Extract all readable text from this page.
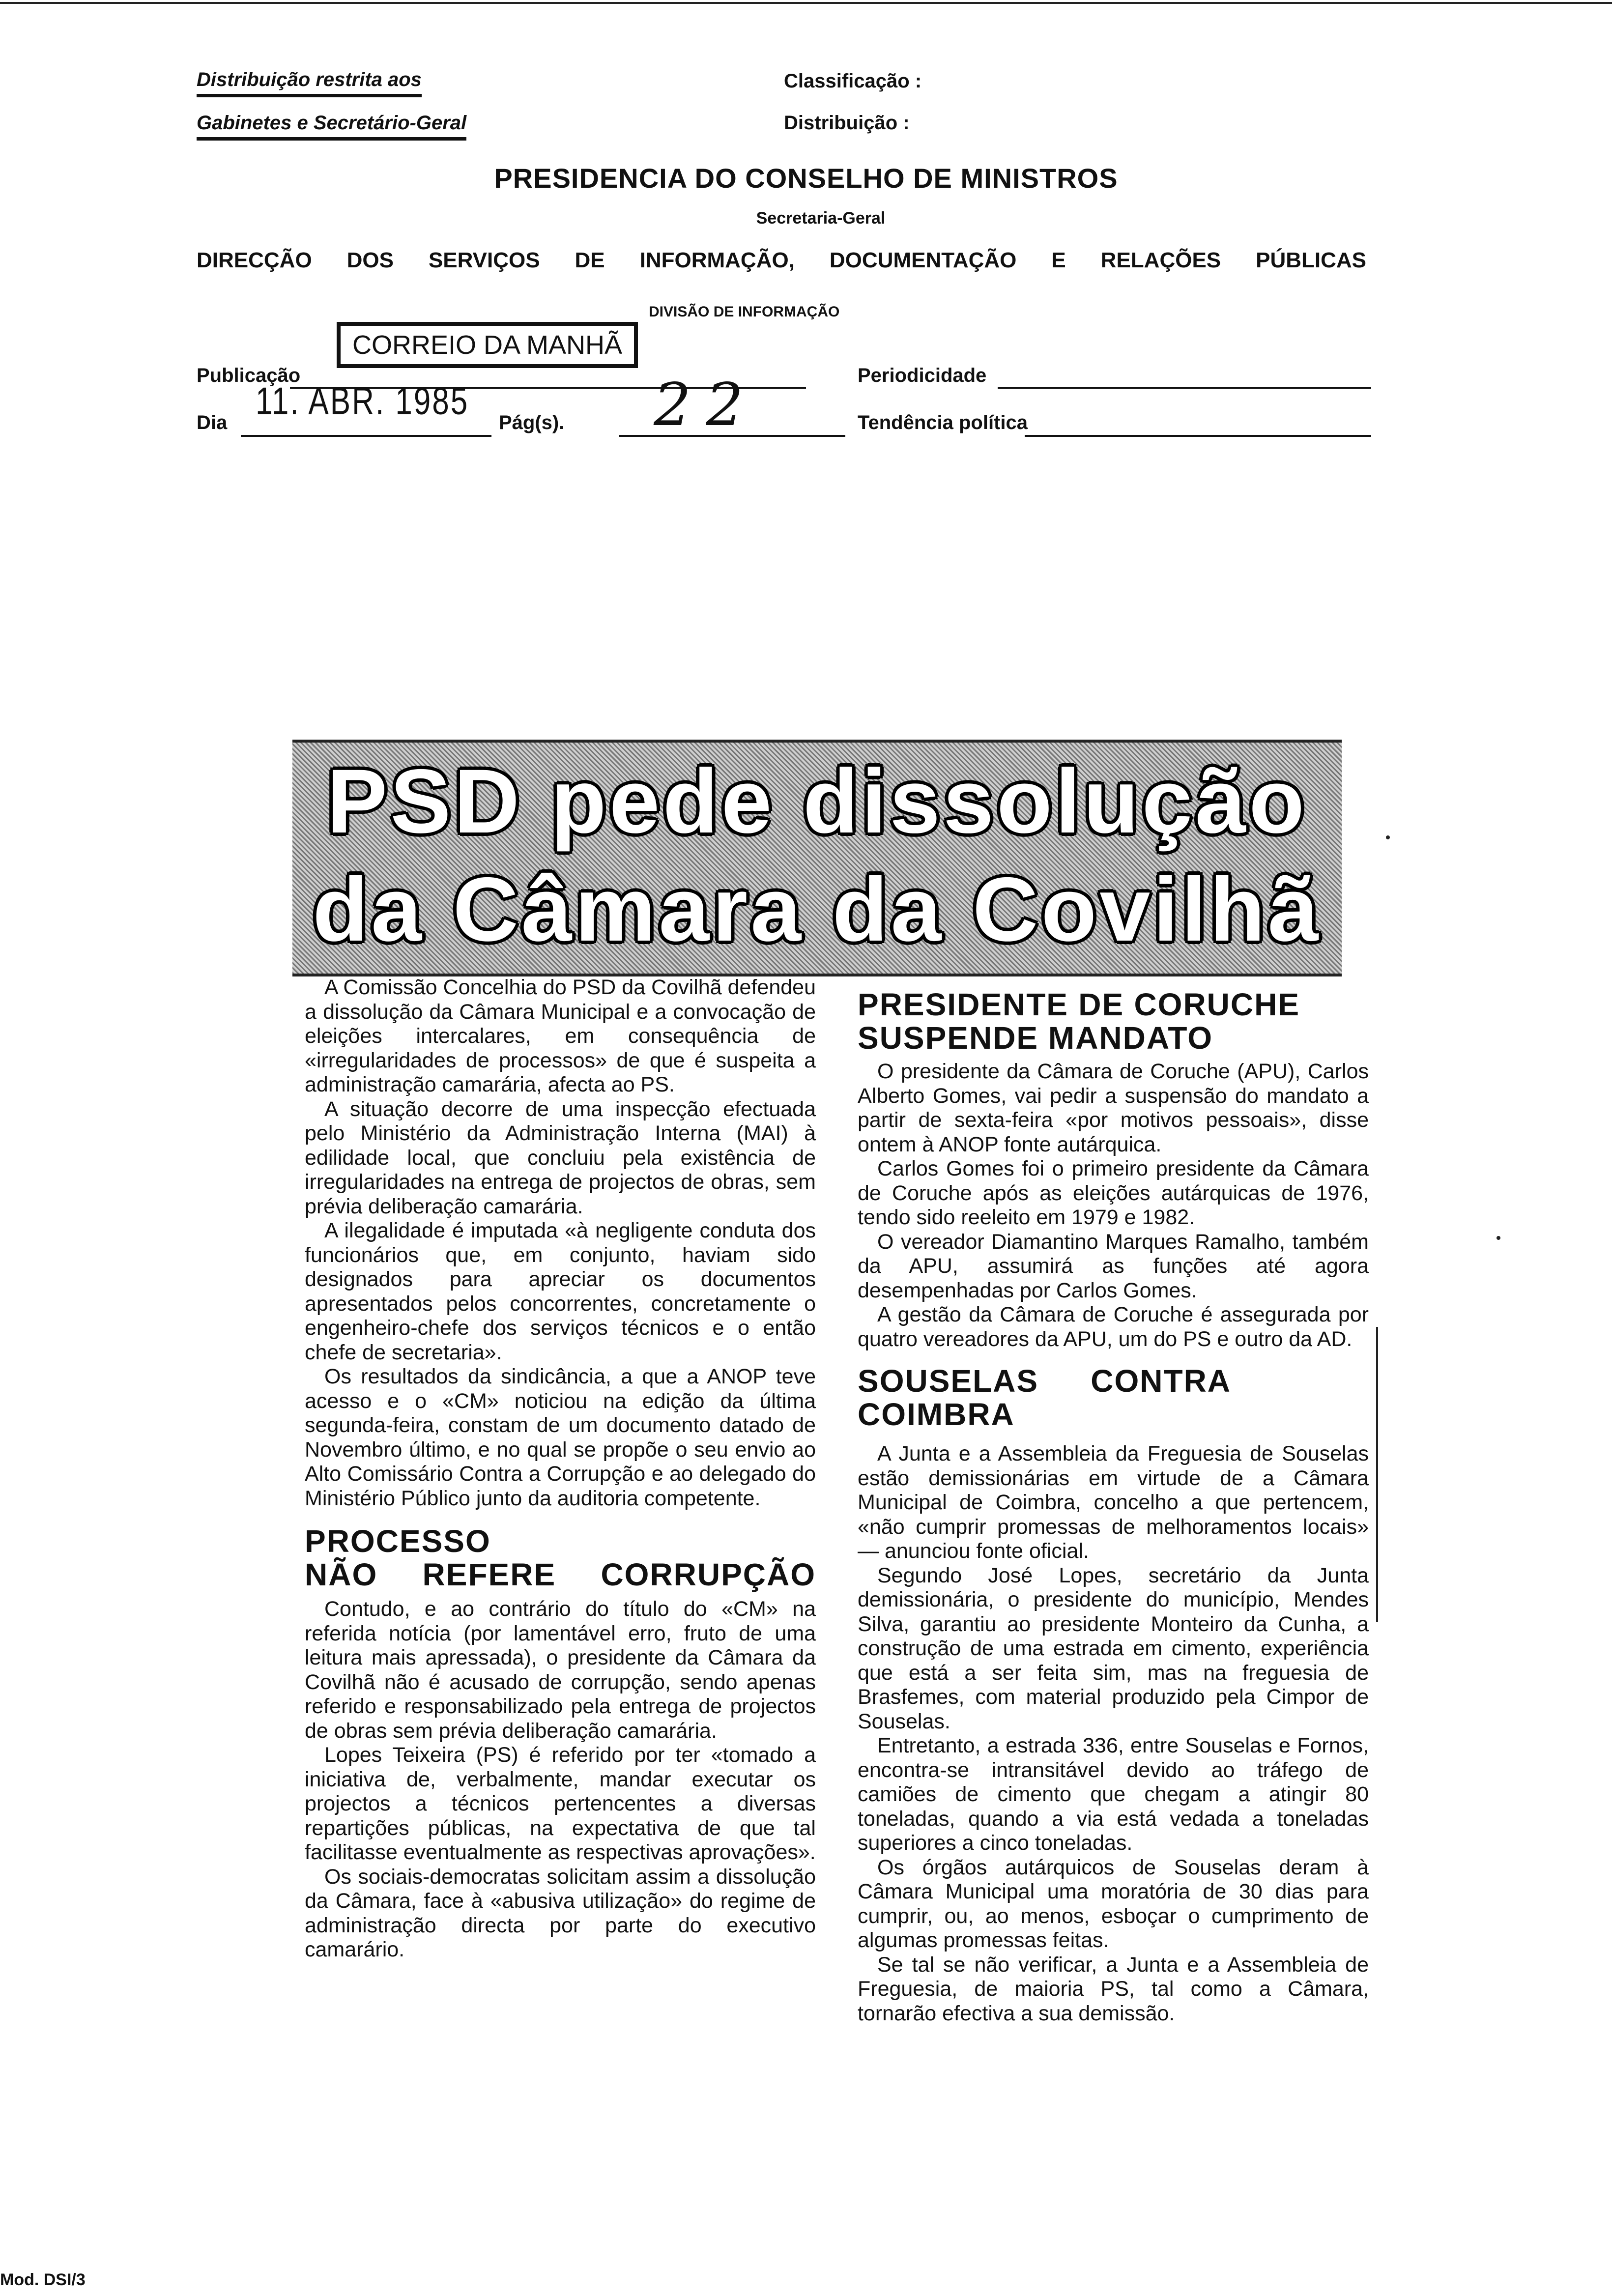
Distribuição restrita aos
Gabinetes e Secretário-Geral
Classificação :
Distribuição :
PRESIDENCIA DO CONSELHO DE MINISTROS
Secretaria-Geral
DIRECÇÃO DOS SERVIÇOS DE INFORMAÇÃO, DOCUMENTAÇÃO E RELAÇÕES PÚBLICAS
DIVISÃO DE INFORMAÇÃO
Publicação
CORREIO DA MANHÃ
Periodicidade
Dia
11. ABR. 1985
Pág(s). 22	Tendência política
PSD pede dissolução
da Câmara da Covilhã

A Comissão Concelhia do PSD da Covilhã defendeu a dissolução da Câmara Municipal e a convocação de eleições intercalares, em consequência de «irregularidades de processos» de que é suspeita a administração camarária, afecta ao PS.

A situação decorre de uma inspecção efectuada pelo Ministério da Administração Interna (MAI) à edilidade local, que concluiu pela existência de irregularidades na entrega de projectos de obras, sem prévia deliberação camarária.

A ilegalidade é imputada «à negligente conduta dos funcionários que, em conjunto, haviam sido designados para apreciar os documentos apresentados pelos concorrentes, concretamente o engenheiro-chefe dos serviços técnicos e o então chefe de secretaria».

Os resultados da sindicância, a que a ANOP teve acesso e o «CM» noticiou na edição da última segunda-feira, constam de um documento datado de Novembro último, e no qual se propõe o seu envio ao Alto Comissário Contra a Corrupção e ao delegado do Ministério Público junto da auditoria competente.

PROCESSO
NÃO REFERE CORRUPÇÃO

Contudo, e ao contrário do título do «CM» na referida notícia (por lamentável erro, fruto de uma leitura mais apressada), o presidente da Câmara da Covilhã não é acusado de corrupção, sendo apenas referido e responsabilizado pela entrega de projectos de obras sem prévia deliberação camarária.

Lopes Teixeira (PS) é referido por ter «tomado a iniciativa de, verbalmente, mandar executar os projectos a técnicos pertencentes a diversas repartições públicas, na expectativa de que tal facilitasse eventualmente as respectivas aprovações».

Os sociais-democratas solicitam assim a dissolução da Câmara, face à «abusiva utilização» do regime de administração directa por parte do executivo camarário.

PRESIDENTE DE CORUCHE SUSPENDE MANDATO

O presidente da Câmara de Coruche (APU), Carlos Alberto Gomes, vai pedir a suspensão do mandato a partir de sexta-feira «por motivos pessoais», disse ontem à ANOP fonte autárquica.

Carlos Gomes foi o primeiro presidente da Câmara de Coruche após as eleições autárquicas de 1976, tendo sido reeleito em 1979 e 1982.

O vereador Diamantino Marques Ramalho, também da APU, assumirá as funções até agora desempenhadas por Carlos Gomes.

A gestão da Câmara de Coruche é assegurada por quatro vereadores da APU, um do PS e outro da AD.

SOUSELAS CONTRA COIMBRA

A Junta e a Assembleia da Freguesia de Souselas estão demissionárias em virtude de a Câmara Municipal de Coimbra, concelho a que pertencem, «não cumprir promessas de melhoramentos locais» — anunciou fonte oficial.

Segundo José Lopes, secretário da Junta demissionária, o presidente do município, Mendes Silva, garantiu ao presidente Monteiro da Cunha, a construção de uma estrada em cimento, experiência que está a ser feita sim, mas na freguesia de Brasfemes, com material produzido pela Cimpor de Souselas.

Entretanto, a estrada 336, entre Souselas e Fornos, encontra-se intransitável devido ao tráfego de camiões de cimento que chegam a atingir 80 toneladas, quando a via está vedada a toneladas superiores a cinco toneladas.

Os órgãos autárquicos de Souselas deram à Câmara Municipal uma moratória de 30 dias para cumprir, ou, ao menos, esboçar o cumprimento de algumas promessas feitas.

Se tal se não verificar, a Junta e a Assembleia de Freguesia, de maioria PS, tal como a Câmara, tornarão efectiva a sua demissão.

Mod. DSI/3
